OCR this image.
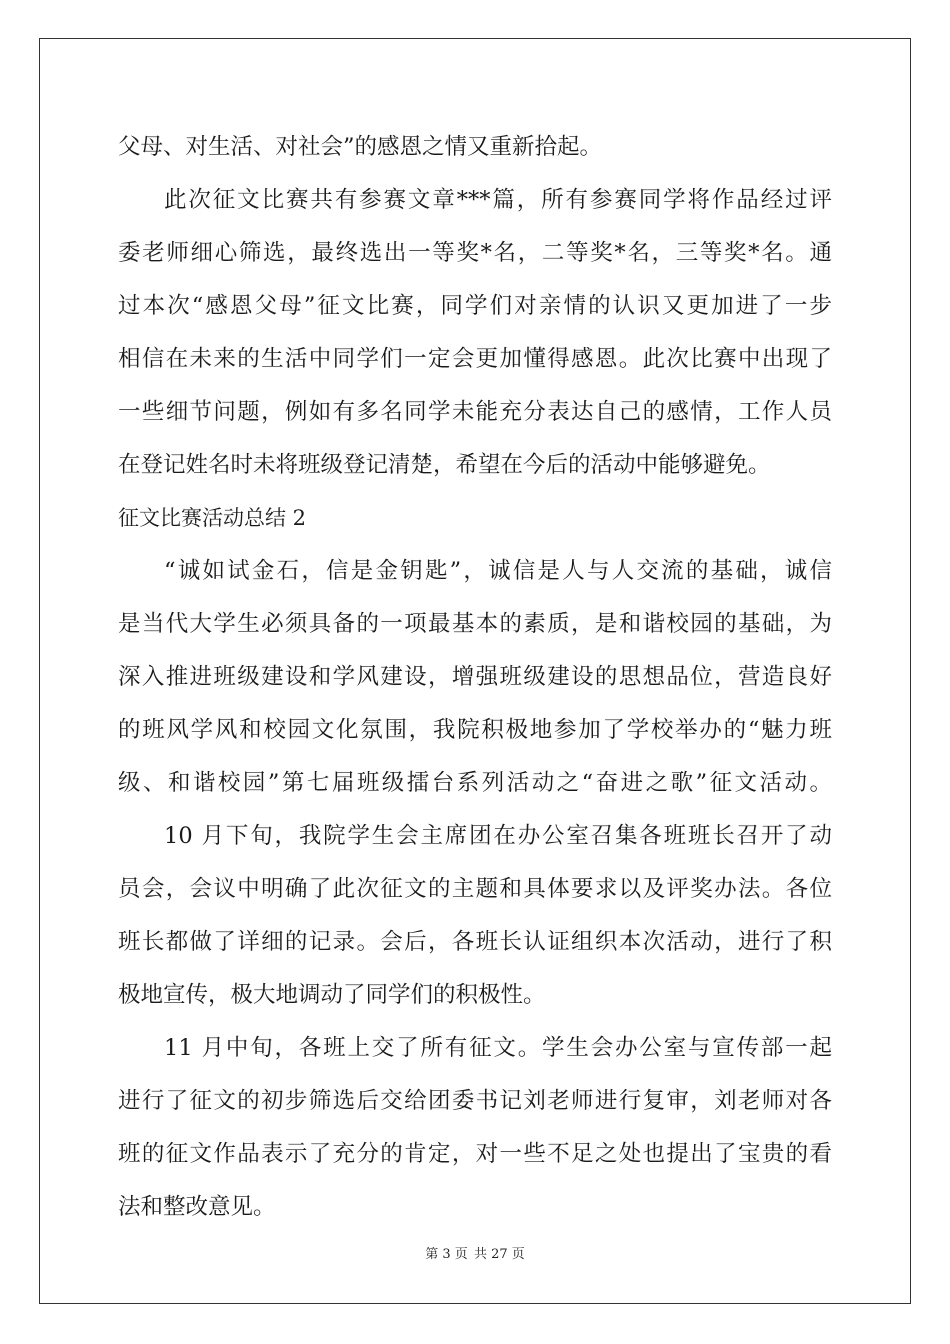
父母、对生活、对社会”的感恩之情又重新拾起。
此次征文比赛共有参赛文章***篇，所有参赛同学将作品经过评
委老师细心筛选，最终选出一等奖*名，二等奖*名，三等奖*名。通
过本次“感恩父母”征文比赛，同学们对亲情的认识又更加进了一步
相信在未来的生活中同学们一定会更加懂得感恩。此次比赛中出现了
一些细节问题，例如有多名同学未能充分表达自己的感情，工作人员
在登记姓名时未将班级登记清楚，希望在今后的活动中能够避免。
征文比赛活动总结 2
“诚如试金石，信是金钥匙”，诚信是人与人交流的基础，诚信
是当代大学生必须具备的一项最基本的素质，是和谐校园的基础，为
深入推进班级建设和学风建设，增强班级建设的思想品位，营造良好
的班风学风和校园文化氛围，我院积极地参加了学校举办的“魅力班
级、和谐校园”第七届班级擂台系列活动之“奋进之歌”征文活动。
10 月下旬，我院学生会主席团在办公室召集各班班长召开了动
员会，会议中明确了此次征文的主题和具体要求以及评奖办法。各位
班长都做了详细的记录。会后，各班长认证组织本次活动，进行了积
极地宣传，极大地调动了同学们的积极性。
11 月中旬，各班上交了所有征文。学生会办公室与宣传部一起
进行了征文的初步筛选后交给团委书记刘老师进行复审，刘老师对各
班的征文作品表示了充分的肯定，对一些不足之处也提出了宝贵的看
法和整改意见。
第 3 页 共 27 页
